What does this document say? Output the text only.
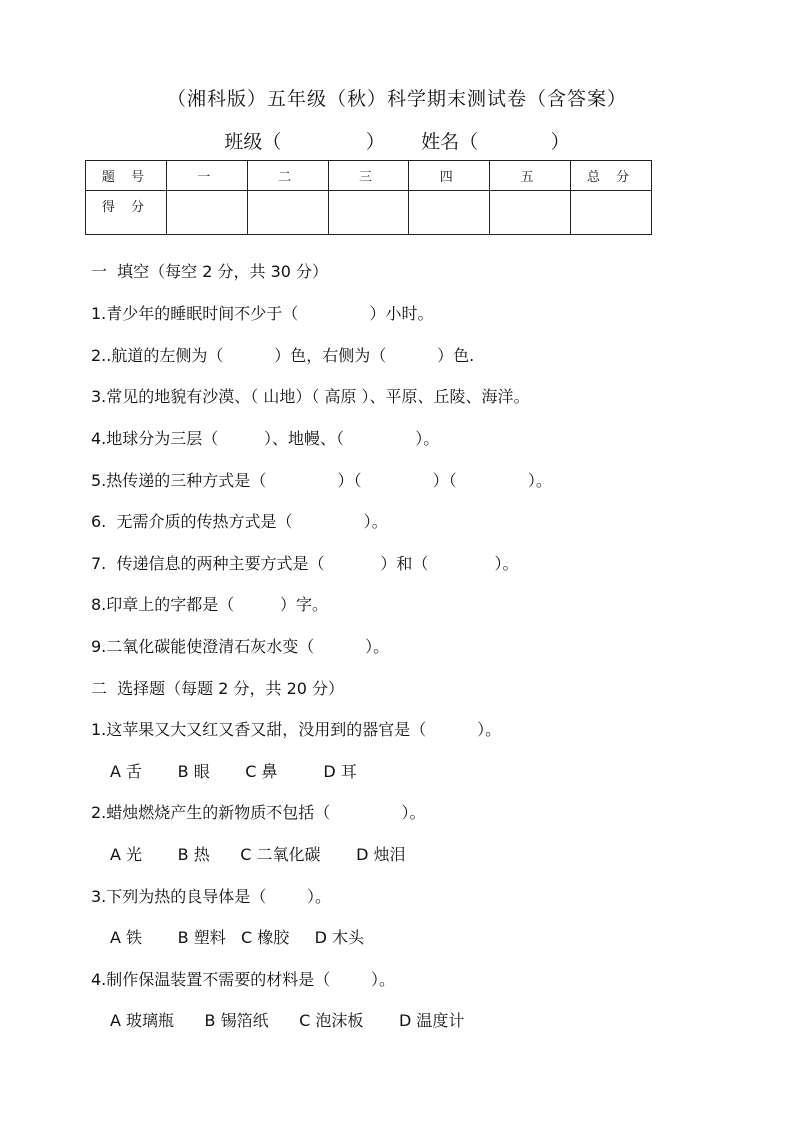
（湘科版）五年级（秋）科学期末测试卷（含答案）
班级（              ） 姓名（            ）
题 号	一	二	三	四	五	总 分
得 分						
一  填空（每空 2 分，共 30 分）
1.青少年的睡眠时间不少于（              ）小时。
2..航道的左侧为（          ）色，右侧为（          ）色.
3.常见的地貌有沙漠、（ 山地）（ 高原 ）、平原、丘陵、海洋。
4.地球分为三层（         ）、地幔、（              ）。
5.热传递的三种方式是（              ）（              ）（              ）。
6.  无需介质的传热方式是（              ）。
7.  传递信息的两种主要方式是（           ）和（             ）。
8.印章上的字都是（         ）字。
9.二氧化碳能使澄清石灰水变（          ）。
二  选择题（每题 2 分，共 20 分）
1.这苹果又大又红又香又甜，没用到的器官是（          ）。
A 舌       B 眼       C 鼻         D 耳
2.蜡烛燃烧产生的新物质不包括（              ）。
A 光       B 热      C 二氧化碳       D 烛泪
3.下列为热的良导体是（        ）。
A 铁       B 塑料   C 橡胶     D 木头
4.制作保温装置不需要的材料是（        ）。
A 玻璃瓶      B 锡箔纸      C 泡沫板       D 温度计
